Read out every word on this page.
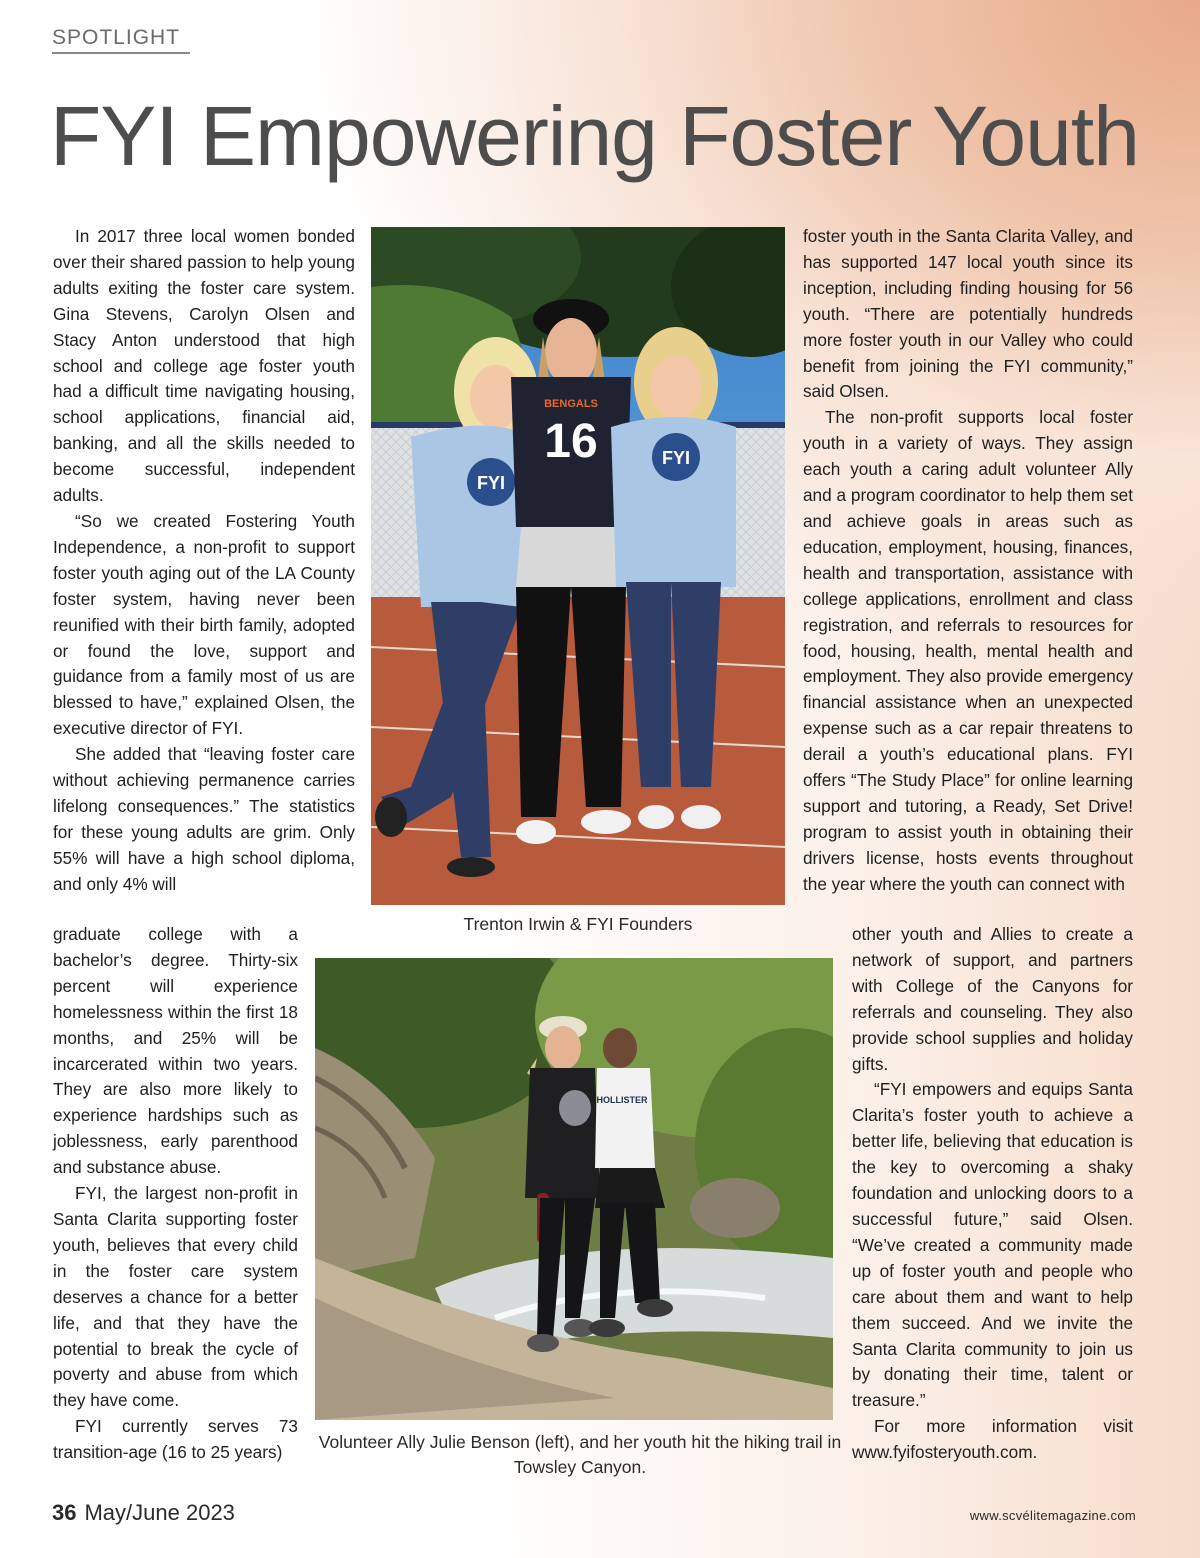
SPOTLIGHT
FYI Empowering Foster Youth

In 2017 three local women bonded over their shared passion to help young adults exiting the foster care system. Gina Stevens, Carolyn Olsen and Stacy Anton understood that high school and college age foster youth had a difficult time navigating housing, school applications, financial aid, banking, and all the skills needed to become successful, independent adults.

“So we created Fostering Youth Independence, a non-profit to support foster youth aging out of the LA County foster system, having never been reunified with their birth family, adopted or found the love, support and guidance from a family most of us are blessed to have,” explained Olsen, the executive director of FYI.

She added that “leaving foster care without achieving permanence carries lifelong consequences.” The statistics for these young adults are grim. Only 55% will have a high school diploma, and only 4% will

graduate college with a bachelor’s degree. Thirty-six percent will experience homelessness within the first 18 months, and 25% will be incarcerated within two years. They are also more likely to experience hardships such as joblessness, early parenthood and substance abuse.

FYI, the largest non-profit in Santa Clarita supporting foster youth, believes that every child in the foster care system deserves a chance for a better life, and that they have the potential to break the cycle of poverty and abuse from which they have come.

FYI currently serves 73 transition-age (16 to 25 years)

foster youth in the Santa Clarita Valley, and has supported 147 local youth since its inception, including finding housing for 56 youth. “There are potentially hundreds more foster youth in our Valley who could benefit from joining the FYI community,” said Olsen.

The non-profit supports local foster youth in a variety of ways. They assign each youth a caring adult volunteer Ally and a program coordinator to help them set and achieve goals in areas such as education, employment, housing, finances, health and transportation, assistance with college applications, enrollment and class registration, and referrals to resources for food, housing, health, mental health and employment. They also provide emergency financial assistance when an unexpected expense such as a car repair threatens to derail a youth’s educational plans. FYI offers “The Study Place” for online learning support and tutoring, a Ready, Set Drive! program to assist youth in obtaining their drivers license, hosts events throughout the year where the youth can connect with

other youth and Allies to create a network of support, and partners with College of the Canyons for referrals and counseling. They also provide school supplies and holiday gifts.

“FYI empowers and equips Santa Clarita’s foster youth to achieve a better life, believing that education is the key to overcoming a shaky foundation and unlocking doors to a successful future,” said Olsen. “We’ve created a community made up of foster youth and people who care about them and want to help them succeed. And we invite the Santa Clarita community to join us by donating their time, talent or treasure.”

For more information visit www.fyifosteryouth.com.

FYI
BENGALS
16	FYI
Trenton Irwin & FYI Founders
HOLLISTER
Volunteer Ally Julie Benson (left), and her youth hit the hiking trail in Towsley Canyon.
36 May/June 2023	www.scvélitemagazine.com
